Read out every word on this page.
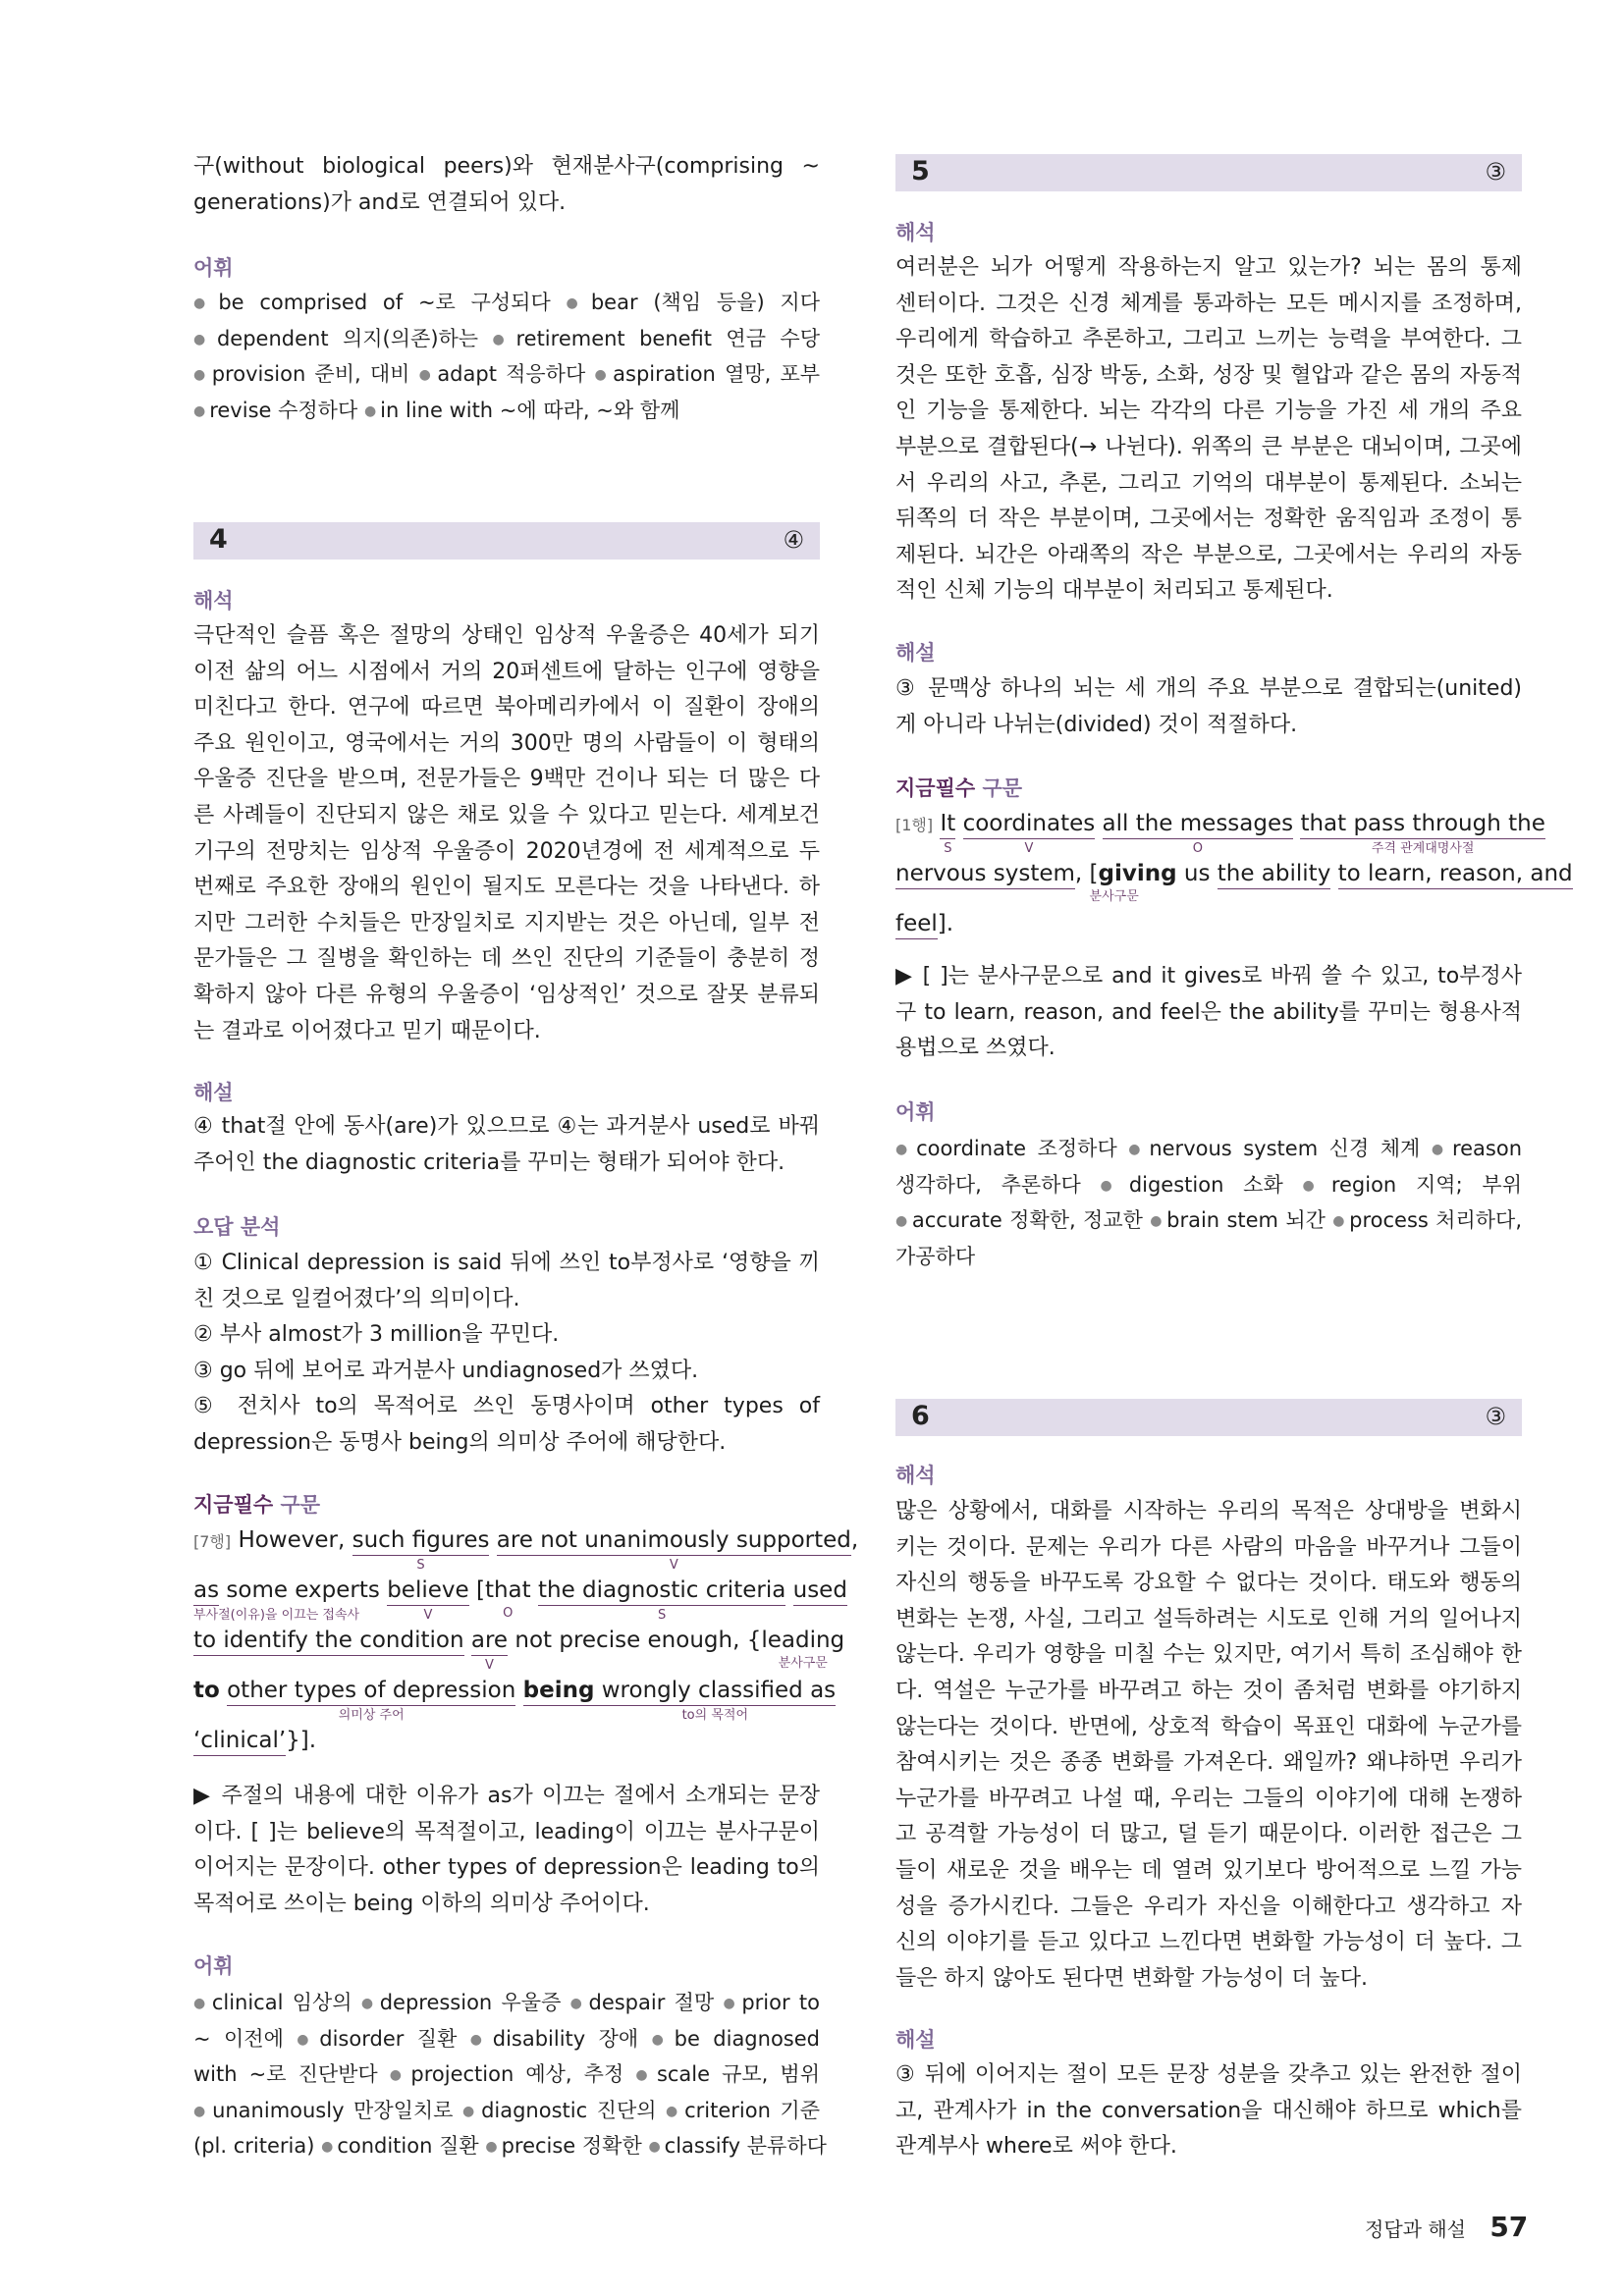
구(without biological peers)와 현재분사구(comprising ~
generations)가 and로 연결되어 있다.
어휘
● be comprised of ~로 구성되다 ● bear (책임 등을) 지다
● dependent 의지(의존)하는 ● retirement benefit 연금 수당
● provision 준비, 대비 ● adapt 적응하다 ● aspiration 열망, 포부
● revise 수정하다 ● in line with ~에 따라, ~와 함께
4	④
해석
극단적인 슬픔 혹은 절망의 상태인 임상적 우울증은 40세가 되기
이전 삶의 어느 시점에서 거의 20퍼센트에 달하는 인구에 영향을
미친다고 한다. 연구에 따르면 북아메리카에서 이 질환이 장애의
주요 원인이고, 영국에서는 거의 300만 명의 사람들이 이 형태의
우울증 진단을 받으며, 전문가들은 9백만 건이나 되는 더 많은 다
른 사례들이 진단되지 않은 채로 있을 수 있다고 믿는다. 세계보건
기구의 전망치는 임상적 우울증이 2020년경에 전 세계적으로 두
번째로 주요한 장애의 원인이 될지도 모른다는 것을 나타낸다. 하
지만 그러한 수치들은 만장일치로 지지받는 것은 아닌데, 일부 전
문가들은 그 질병을 확인하는 데 쓰인 진단의 기준들이 충분히 정
확하지 않아 다른 유형의 우울증이 ‘임상적인’ 것으로 잘못 분류되
는 결과로 이어졌다고 믿기 때문이다.
해설
④ that절 안에 동사(are)가 있으므로 ④는 과거분사 used로 바꿔
주어인 the diagnostic criteria를 꾸미는 형태가 되어야 한다.
오답 분석
① Clinical depression is said 뒤에 쓰인 to부정사로 ‘영향을 끼
친 것으로 일컬어졌다’의 의미이다.
② 부사 almost가 3 million을 꾸민다.
③ go 뒤에 보어로 과거분사 undiagnosed가 쓰였다.
⑤ 전치사 to의 목적어로 쓰인 동명사이며 other types of
depression은 동명사 being의 의미상 주어에 해당한다.
지금필수 구문
[7행] However, such figures
S
are not unanimously supported
V
,
as
부사절(이유)을 이끄는 접속사
some experts believe
V
[that
O
the diagnostic criteria
S
used
to identify the condition are
V
not precise enough, {leading
분사구문
to other types of depression
의미상 주어
being wrongly classified as
to의 목적어
‘clinical’}].
▶ 주절의 내용에 대한 이유가 as가 이끄는 절에서 소개되는 문장
이다. [ ]는 believe의 목적절이고, leading이 이끄는 분사구문이
이어지는 문장이다. other types of depression은 leading to의
목적어로 쓰이는 being 이하의 의미상 주어이다.
어휘
● clinical 임상의 ● depression 우울증 ● despair 절망 ● prior to
~ 이전에 ● disorder 질환 ● disability 장애 ● be diagnosed
with ~로 진단받다 ● projection 예상, 추정 ● scale 규모, 범위
● unanimously 만장일치로 ● diagnostic 진단의 ● criterion 기준
(pl. criteria) ● condition 질환 ● precise 정확한 ● classify 분류하다
5	③
해석
여러분은 뇌가 어떻게 작용하는지 알고 있는가? 뇌는 몸의 통제
센터이다. 그것은 신경 체계를 통과하는 모든 메시지를 조정하며,
우리에게 학습하고 추론하고, 그리고 느끼는 능력을 부여한다. 그
것은 또한 호흡, 심장 박동, 소화, 성장 및 혈압과 같은 몸의 자동적
인 기능을 통제한다. 뇌는 각각의 다른 기능을 가진 세 개의 주요
부분으로 결합된다(→ 나뉜다). 위쪽의 큰 부분은 대뇌이며, 그곳에
서 우리의 사고, 추론, 그리고 기억의 대부분이 통제된다. 소뇌는
뒤쪽의 더 작은 부분이며, 그곳에서는 정확한 움직임과 조정이 통
제된다. 뇌간은 아래쪽의 작은 부분으로, 그곳에서는 우리의 자동
적인 신체 기능의 대부분이 처리되고 통제된다.
해설
③ 문맥상 하나의 뇌는 세 개의 주요 부분으로 결합되는(united)
게 아니라 나뉘는(divided) 것이 적절하다.
지금필수 구문
[1행] It
S
coordinates
V
all the messages
O
that pass through the
주격 관계대명사절
nervous system, [
분사구문
giving us the ability to learn, reason, and
feel].
▶ [ ]는 분사구문으로 and it gives로 바꿔 쓸 수 있고, to부정사
구 to learn, reason, and feel은 the ability를 꾸미는 형용사적
용법으로 쓰였다.
어휘
● coordinate 조정하다 ● nervous system 신경 체계 ● reason
생각하다, 추론하다 ● digestion 소화 ● region 지역; 부위
● accurate 정확한, 정교한 ● brain stem 뇌간 ● process 처리하다,
가공하다
6	③
해석
많은 상황에서, 대화를 시작하는 우리의 목적은 상대방을 변화시
키는 것이다. 문제는 우리가 다른 사람의 마음을 바꾸거나 그들이
자신의 행동을 바꾸도록 강요할 수 없다는 것이다. 태도와 행동의
변화는 논쟁, 사실, 그리고 설득하려는 시도로 인해 거의 일어나지
않는다. 우리가 영향을 미칠 수는 있지만, 여기서 특히 조심해야 한
다. 역설은 누군가를 바꾸려고 하는 것이 좀처럼 변화를 야기하지
않는다는 것이다. 반면에, 상호적 학습이 목표인 대화에 누군가를
참여시키는 것은 종종 변화를 가져온다. 왜일까? 왜냐하면 우리가
누군가를 바꾸려고 나설 때, 우리는 그들의 이야기에 대해 논쟁하
고 공격할 가능성이 더 많고, 덜 듣기 때문이다. 이러한 접근은 그
들이 새로운 것을 배우는 데 열려 있기보다 방어적으로 느낄 가능
성을 증가시킨다. 그들은 우리가 자신을 이해한다고 생각하고 자
신의 이야기를 듣고 있다고 느낀다면 변화할 가능성이 더 높다. 그
들은 하지 않아도 된다면 변화할 가능성이 더 높다.
해설
③ 뒤에 이어지는 절이 모든 문장 성분을 갖추고 있는 완전한 절이
고, 관계사가 in the conversation을 대신해야 하므로 which를
관계부사 where로 써야 한다.
정답과 해설 57
